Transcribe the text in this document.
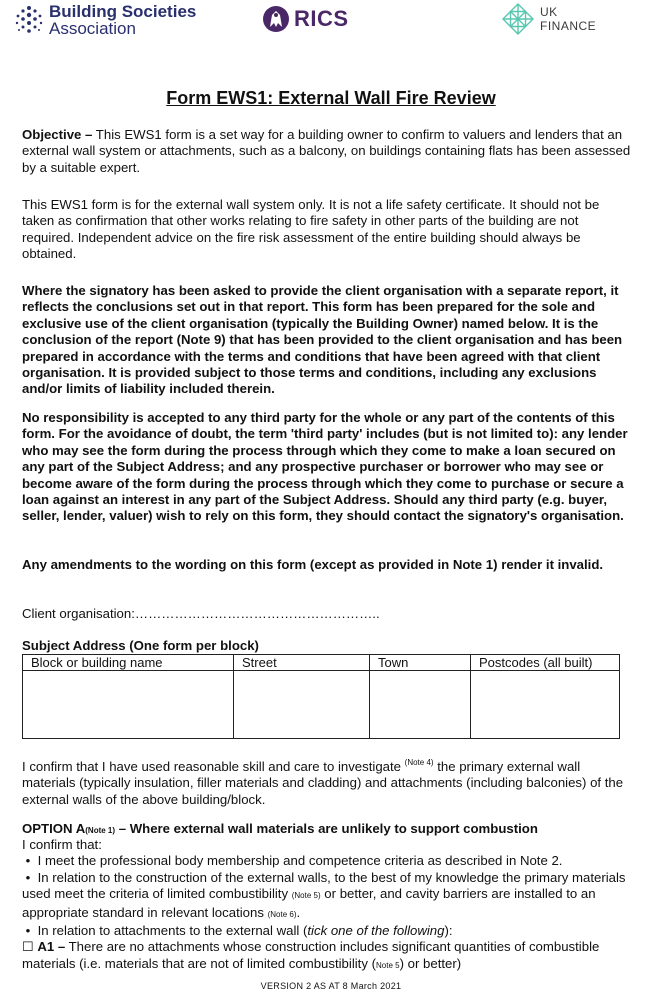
Building Societies
Association	RICS	UK
FINANCE
Form EWS1: External Wall Fire Review

Objective – This EWS1 form is a set way for a building owner to confirm to valuers and lenders that an external wall system or attachments, such as a balcony, on buildings containing flats has been assessed by a suitable expert.

This EWS1 form is for the external wall system only. It is not a life safety certificate. It should not be taken as confirmation that other works relating to fire safety in other parts of the building are not required. Independent advice on the fire risk assessment of the entire building should always be obtained.

Where the signatory has been asked to provide the client organisation with a separate report, it reflects the conclusions set out in that report. This form has been prepared for the sole and exclusive use of the client organisation (typically the Building Owner) named below. It is the conclusion of the report (Note 9) that has been provided to the client organisation and has been prepared in accordance with the terms and conditions that have been agreed with that client organisation. It is provided subject to those terms and conditions, including any exclusions and/or limits of liability included therein.

No responsibility is accepted to any third party for the whole or any part of the contents of this form. For the avoidance of doubt, the term 'third party' includes (but is not limited to): any lender who may see the form during the process through which they come to make a loan secured on any part of the Subject Address; and any prospective purchaser or borrower who may see or become aware of the form during the process through which they come to purchase or secure a loan against an interest in any part of the Subject Address. Should any third party (e.g. buyer, seller, lender, valuer) wish to rely on this form, they should contact the signatory's organisation.

Any amendments to the wording on this form (except as provided in Note 1) render it invalid.

Client organisation:………………………………………………..

Subject Address (One form per block)
Block or building name	Street	Town	Postcodes (all built)

I confirm that I have used reasonable skill and care to investigate $^{(Note 4)}$ the primary external wall materials (typically insulation, filler materials and cladding) and attachments (including balconies) of the external walls of the above building/block.

OPTION A(Note 1) – Where external wall materials are unlikely to support combustion

I confirm that:

• I meet the professional body membership and competence criteria as described in Note 2.

• In relation to the construction of the external walls, to the best of my knowledge the primary materials used meet the criteria of limited combustibility (Note 5) or better, and cavity barriers are installed to an appropriate standard in relevant locations (Note 6).

• In relation to attachments to the external wall (tick one of the following):

☐ A1 – There are no attachments whose construction includes significant quantities of combustible materials (i.e. materials that are not of limited combustibility (Note 5) or better)

VERSION 2 AS AT 8 March 2021
